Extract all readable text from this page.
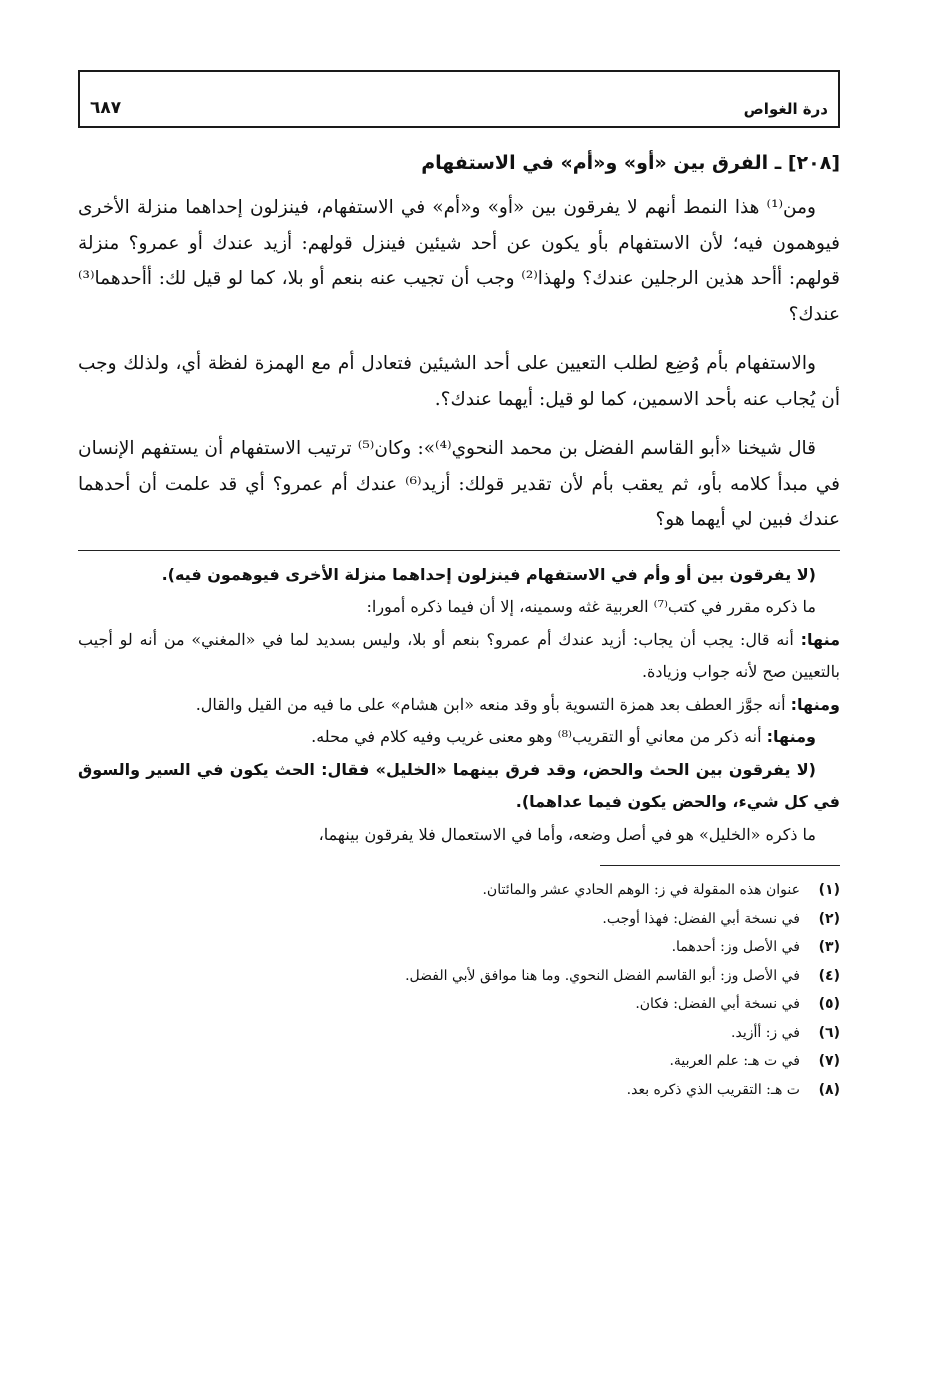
درة الغواص
٦٨٧
[٢٠٨] ـ الفرق بين «أو» و«أم» في الاستفهام

ومن⁽¹⁾ هذا النمط أنهم لا يفرقون بين «أو» و«أم» في الاستفهام، فينزلون إحداهما منزلة الأخرى فيوهمون فيه؛ لأن الاستفهام بأو يكون عن أحد شيئين فينزل قولهم: أزيد عندك أو عمرو؟ منزلة قولهم: أأحد هذين الرجلين عندك؟ ولهذا⁽²⁾ وجب أن تجيب عنه بنعم أو بلا، كما لو قيل لك: أأحدهما⁽³⁾ عندك؟

والاستفهام بأم وُضِع لطلب التعيين على أحد الشيئين فتعادل أم مع الهمزة لفظة أي، ولذلك وجب أن يُجاب عنه بأحد الاسمين، كما لو قيل: أيهما عندك؟.

قال شيخنا «أبو القاسم الفضل بن محمد النحوي⁽⁴⁾»: وكان⁽⁵⁾ ترتيب الاستفهام أن يستفهم الإنسان في مبدأ كلامه بأو، ثم يعقب بأم لأن تقدير قولك: أزيد⁽⁶⁾ عندك أم عمرو؟ أي قد علمت أن أحدهما عندك فبين لي أيهما هو؟

(لا يفرقون بين أو وأم في الاستفهام فينزلون إحداهما منزلة الأخرى فيوهمون فيه).

ما ذكره مقرر في كتب⁽⁷⁾ العربية غثه وسمينه، إلا أن فيما ذكره أمورا:

منها: أنه قال: يجب أن يجاب: أزيد عندك أم عمرو؟ بنعم أو بلا، وليس بسديد لما في «المغني» من أنه لو أجيب بالتعيين صح لأنه جواب وزيادة.

ومنها: أنه جوَّز العطف بعد همزة التسوية بأو وقد منعه «ابن هشام» على ما فيه من القيل والقال.

ومنها: أنه ذكر من معاني أو التقريب⁽⁸⁾ وهو معنى غريب وفيه كلام في محله.

(لا يفرقون بين الحث والحض، وقد فرق بينهما «الخليل» فقال: الحث يكون في السير والسوق في كل شيء، والحض يكون فيما عداهما).

ما ذكره «الخليل» هو في أصل وضعه، وأما في الاستعمال فلا يفرقون بينهما،

(١)
عنوان هذه المقولة في ز: الوهم الحادي عشر والمائتان.
(٢)
في نسخة أبي الفضل: فهذا أوجب.
(٣)
في الأصل وز: أحدهما.
(٤)
في الأصل وز: أبو القاسم الفضل النحوي. وما هنا موافق لأبي الفضل.
(٥)
في نسخة أبي الفضل: فكان.
(٦)
في ز: أأزيد.
(٧)
في ت هـ: علم العربية.
(٨)
ت هـ: التقريب الذي ذكره بعد.
